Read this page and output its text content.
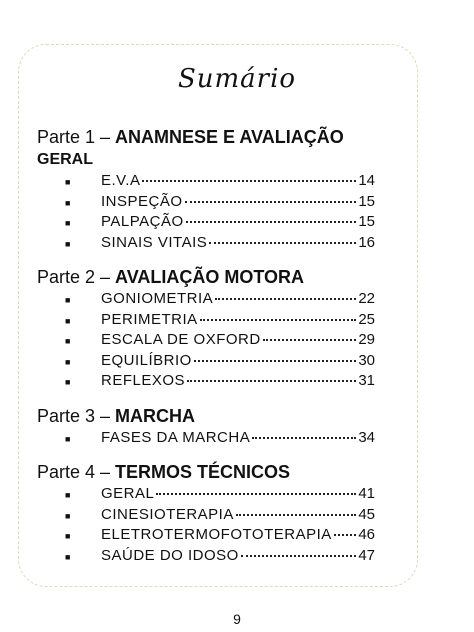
Sumário
Parte 1 – ANAMNESE E AVALIAÇÃO
GERAL
■	E.V.A	14
■	INSPEÇÃO	15
■	PALPAÇÃO	15
■	SINAIS VITAIS	16
Parte 2 – AVALIAÇÃO MOTORA
■	GONIOMETRIA	22
■	PERIMETRIA	25
■	ESCALA DE OXFORD	29
■	EQUILÍBRIO	30
■	REFLEXOS	31
Parte 3 – MARCHA
■	FASES DA MARCHA	34
Parte 4 – TERMOS TÉCNICOS
■	GERAL	41
■	CINESIOTERAPIA	45
■	ELETROTERMOFOTOTERAPIA 46
■	SAÚDE DO IDOSO	47
9
